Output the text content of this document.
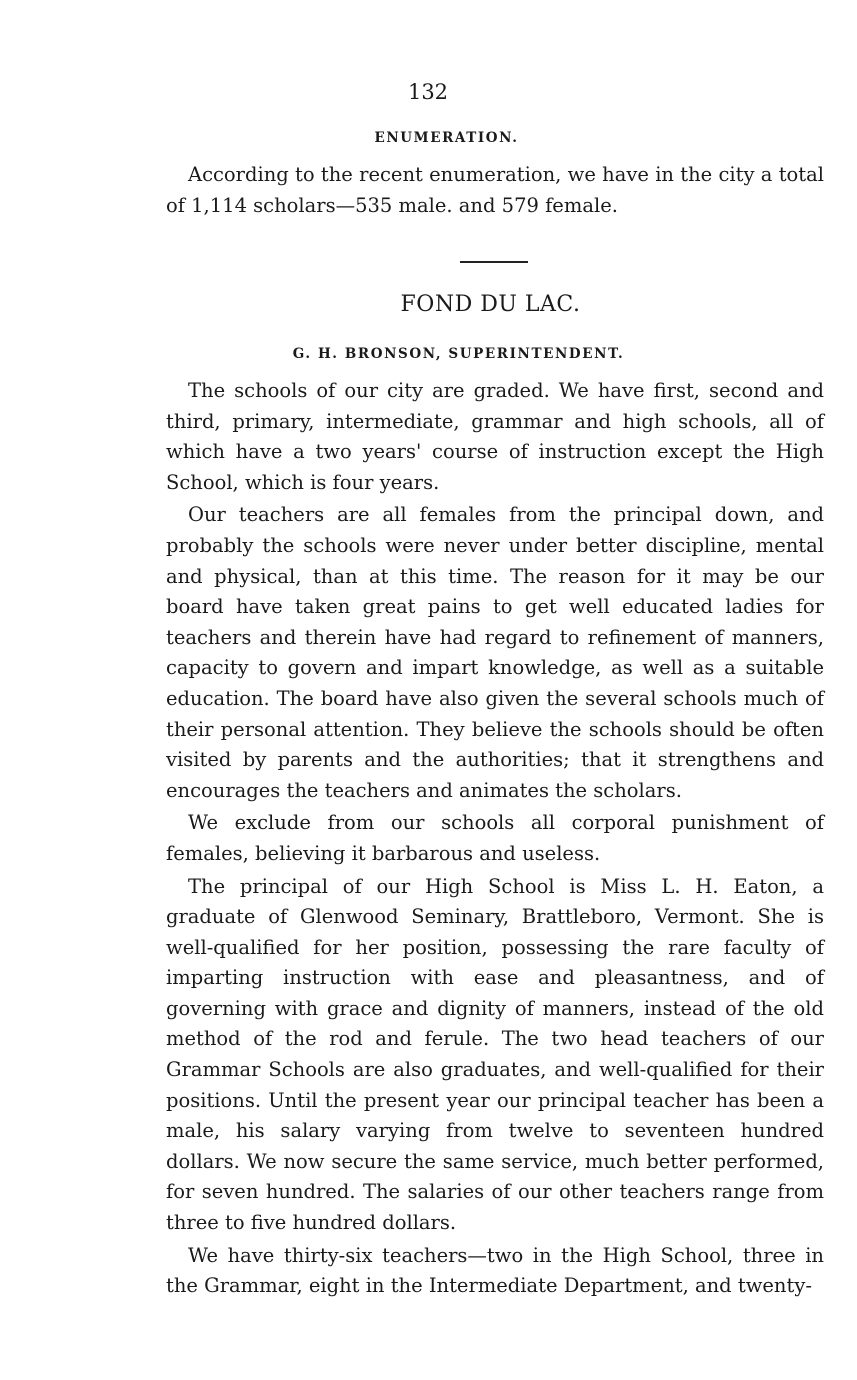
132
ENUMERATION.

According to the recent enumeration, we have in the city a total of 1,114 scholars—535 male. and 579 female.

FOND DU LAC.
G. H. BRONSON, SUPERINTENDENT.

The schools of our city are graded. We have first, second and third, primary, intermediate, grammar and high schools, all of which have a two years' course of instruction except the High School, which is four years.

Our teachers are all females from the principal down, and probably the schools were never under better discipline, mental and physical, than at this time. The reason for it may be our board have taken great pains to get well educated ladies for teachers and therein have had regard to refinement of manners, capacity to govern and impart knowledge, as well as a suitable education. The board have also given the several schools much of their personal attention. They believe the schools should be often visited by parents and the authorities; that it strengthens and encourages the teachers and animates the scholars.

We exclude from our schools all corporal punishment of females, believing it barbarous and useless.

The principal of our High School is Miss L. H. Eaton, a graduate of Glenwood Seminary, Brattleboro, Vermont. She is well-qualified for her position, possessing the rare faculty of imparting instruction with ease and pleasantness, and of governing with grace and dignity of manners, instead of the old method of the rod and ferule. The two head teachers of our Grammar Schools are also graduates, and well-qualified for their positions. Until the present year our principal teacher has been a male, his salary varying from twelve to seventeen hundred dollars. We now secure the same service, much better performed, for seven hundred. The salaries of our other teachers range from three to five hundred dollars.

We have thirty-six teachers—two in the High School, three in the Grammar, eight in the Intermediate Department, and twenty-
